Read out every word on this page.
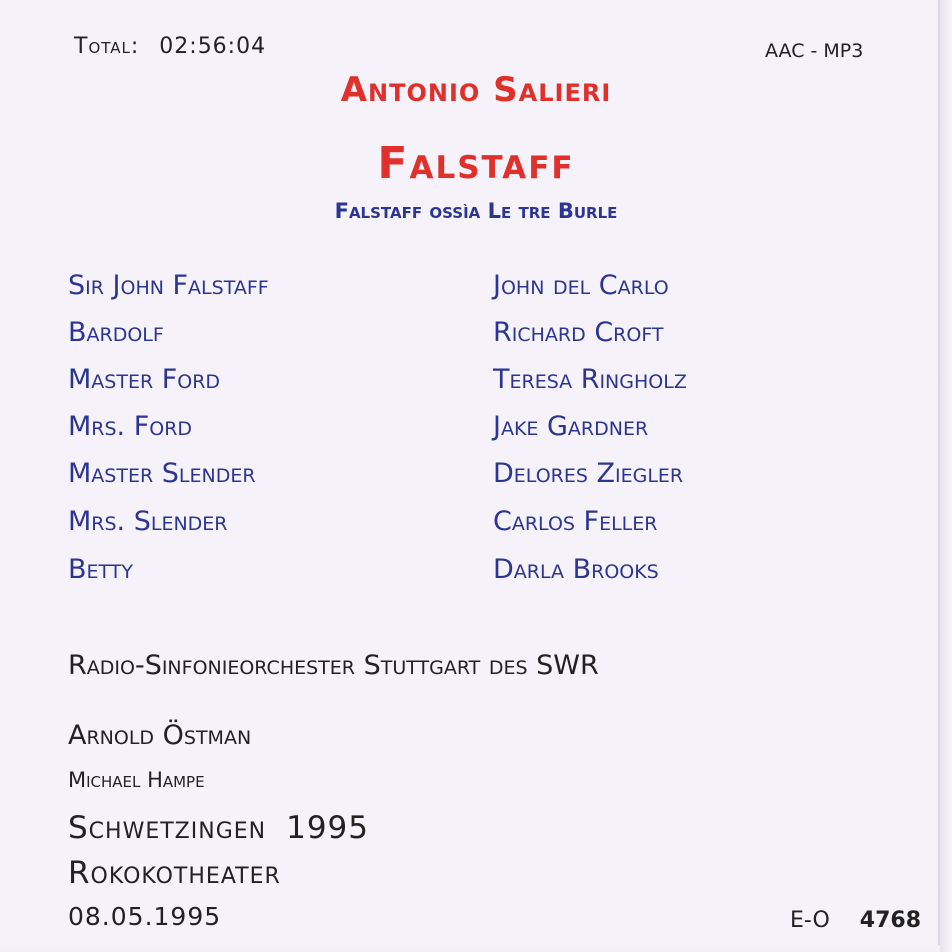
Total: 02:56:04	AAC - MP3
Antonio Salieri
Falstaff
Falstaff ossìa Le tre Burle
Sir John Falstaff	John del Carlo
Bardolf	Richard Croft
Master Ford	Teresa Ringholz
Mrs. Ford	Jake Gardner
Master Slender	Delores Ziegler
Mrs. Slender	Carlos Feller
Betty	Darla Brooks
Radio-Sinfonieorchester Stuttgart des SWR
Arnold Östman
Michael Hampe
Schwetzingen 1995
Rokokotheater
08.05.1995	E-O 4768
